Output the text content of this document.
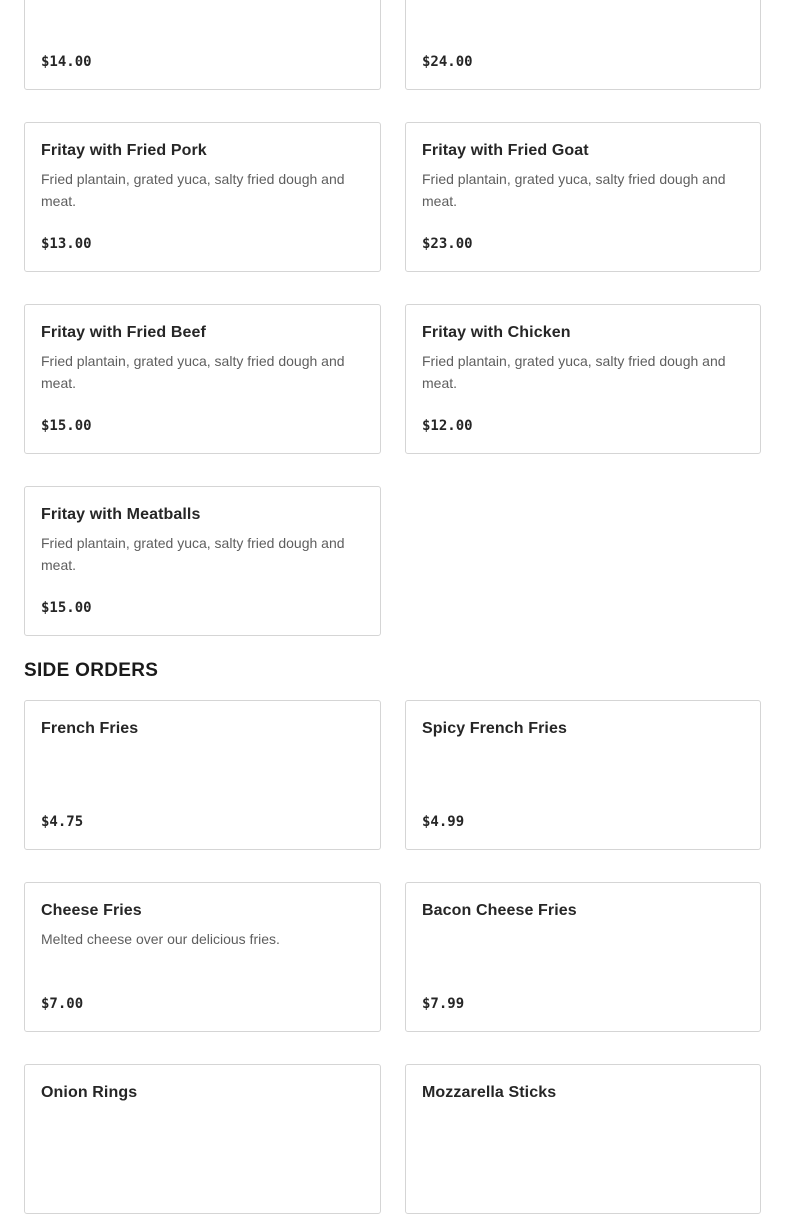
$14.00	$24.00

Fritay with Fried Pork

Fried plantain, grated yuca, salty fried dough and meat.

$13.00

Fritay with Fried Goat

Fried plantain, grated yuca, salty fried dough and meat.

$23.00

Fritay with Fried Beef

Fried plantain, grated yuca, salty fried dough and meat.

$15.00

Fritay with Chicken

Fried plantain, grated yuca, salty fried dough and meat.

$12.00

Fritay with Meatballs

Fried plantain, grated yuca, salty fried dough and meat.

$15.00

SIDE ORDERS

French Fries

$4.75

Spicy French Fries

$4.99

Cheese Fries

Melted cheese over our delicious fries.

$7.00

Bacon Cheese Fries

$7.99

Onion Rings	Mozzarella Sticks
